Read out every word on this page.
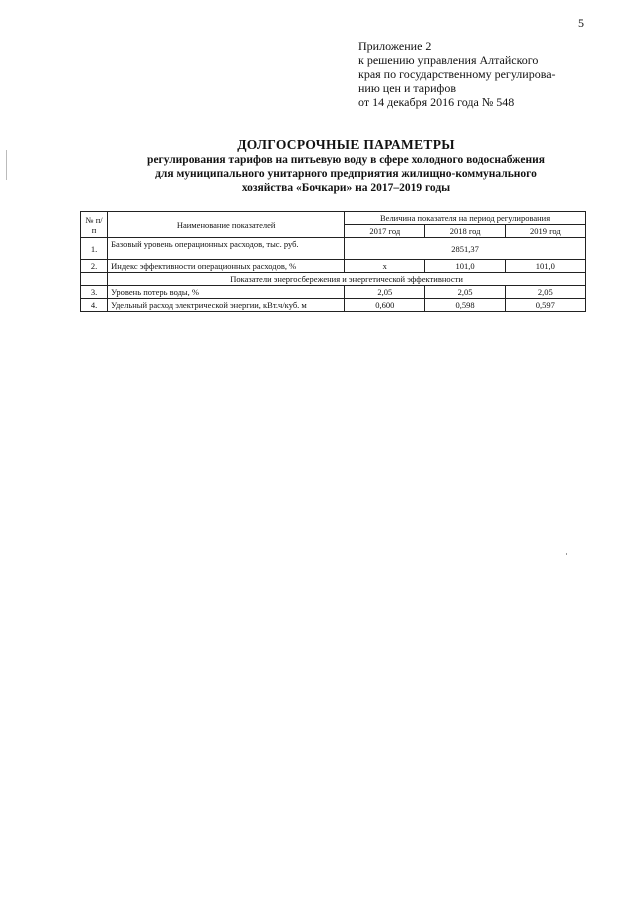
5
Приложение 2
к решению управления Алтайского
края по государственному регулирова-
нию цен и тарифов
от 14 декабря 2016 года № 548
ДОЛГОСРОЧНЫЕ ПАРАМЕТРЫ
регулирования тарифов на питьевую воду в сфере холодного водоснабжения
для муниципального унитарного предприятия жилищно-коммунального
хозяйства «Бочкари» на 2017–2019 годы
№ п/п	Наименование показателей	Величина показателя на период регулирования		
		2017 год	2018 год	2019 год
1.	Базовый уровень операционных расходов, тыс. руб.	2851,37		
2.	Индекс эффективности операционных расходов, %	х	101,0	101,0
	Показатели энергосбережения и энергетической эффективности			
3.	Уровень потерь воды, %	2,05	2,05	2,05
4.	Удельный расход электрической энергии, кВт.ч/куб. м	0,600	0,598	0,597
